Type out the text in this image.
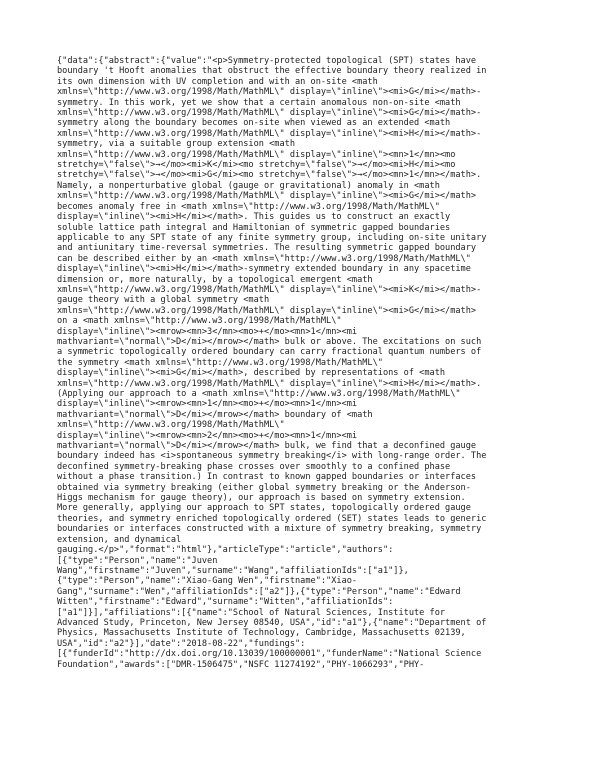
{"data":{"abstract":{"value":"<p>Symmetry-protected topological (SPT) states have
boundary 't Hooft anomalies that obstruct the effective boundary theory realized in
its own dimension with UV completion and with an on-site <math
xmlns=\"http://www.w3.org/1998/Math/MathML\" display=\"inline\"><mi>G</mi></math>-
symmetry. In this work, yet we show that a certain anomalous non-on-site <math
xmlns=\"http://www.w3.org/1998/Math/MathML\" display=\"inline\"><mi>G</mi></math>-
symmetry along the boundary becomes on-site when viewed as an extended <math
xmlns=\"http://www.w3.org/1998/Math/MathML\" display=\"inline\"><mi>H</mi></math>-
symmetry, via a suitable group extension <math
xmlns=\"http://www.w3.org/1998/Math/MathML\" display=\"inline\"><mn>1</mn><mo
stretchy=\"false\">→</mo><mi>K</mi><mo stretchy=\"false\">→</mo><mi>H</mi><mo
stretchy=\"false\">→</mo><mi>G</mi><mo stretchy=\"false\">→</mo><mn>1</mn></math>.
Namely, a nonperturbative global (gauge or gravitational) anomaly in <math
xmlns=\"http://www.w3.org/1998/Math/MathML\" display=\"inline\"><mi>G</mi></math>
becomes anomaly free in <math xmlns=\"http://www.w3.org/1998/Math/MathML\"
display=\"inline\"><mi>H</mi></math>. This guides us to construct an exactly
soluble lattice path integral and Hamiltonian of symmetric gapped boundaries
applicable to any SPT state of any finite symmetry group, including on-site unitary
and antiunitary time-reversal symmetries. The resulting symmetric gapped boundary
can be described either by an <math xmlns=\"http://www.w3.org/1998/Math/MathML\"
display=\"inline\"><mi>H</mi></math>-symmetry extended boundary in any spacetime
dimension or, more naturally, by a topological emergent <math
xmlns=\"http://www.w3.org/1998/Math/MathML\" display=\"inline\"><mi>K</mi></math>-
gauge theory with a global symmetry <math
xmlns=\"http://www.w3.org/1998/Math/MathML\" display=\"inline\"><mi>G</mi></math>
on a <math xmlns=\"http://www.w3.org/1998/Math/MathML\"
display=\"inline\"><mrow><mn>3</mn><mo>+</mo><mn>1</mn><mi
mathvariant=\"normal\">D</mi></mrow></math> bulk or above. The excitations on such
a symmetric topologically ordered boundary can carry fractional quantum numbers of
the symmetry <math xmlns=\"http://www.w3.org/1998/Math/MathML\"
display=\"inline\"><mi>G</mi></math>, described by representations of <math
xmlns=\"http://www.w3.org/1998/Math/MathML\" display=\"inline\"><mi>H</mi></math>.
(Applying our approach to a <math xmlns=\"http://www.w3.org/1998/Math/MathML\"
display=\"inline\"><mrow><mn>1</mn><mo>+</mo><mn>1</mn><mi
mathvariant=\"normal\">D</mi></mrow></math> boundary of <math
xmlns=\"http://www.w3.org/1998/Math/MathML\"
display=\"inline\"><mrow><mn>2</mn><mo>+</mo><mn>1</mn><mi
mathvariant=\"normal\">D</mi></mrow></math> bulk, we find that a deconfined gauge
boundary indeed has <i>spontaneous symmetry breaking</i> with long-range order. The
deconfined symmetry-breaking phase crosses over smoothly to a confined phase
without a phase transition.) In contrast to known gapped boundaries or interfaces
obtained via symmetry breaking (either global symmetry breaking or the Anderson-
Higgs mechanism for gauge theory), our approach is based on symmetry extension.
More generally, applying our approach to SPT states, topologically ordered gauge
theories, and symmetry enriched topologically ordered (SET) states leads to generic
boundaries or interfaces constructed with a mixture of symmetry breaking, symmetry
extension, and dynamical
gauging.</p>","format":"html"},"articleType":"article","authors":
[{"type":"Person","name":"Juven
Wang","firstname":"Juven","surname":"Wang","affiliationIds":["a1"]},
{"type":"Person","name":"Xiao-Gang Wen","firstname":"Xiao-
Gang","surname":"Wen","affiliationIds":["a2"]},{"type":"Person","name":"Edward
Witten","firstname":"Edward","surname":"Witten","affiliationIds":
["a1"]}],"affiliations":[{"name":"School of Natural Sciences, Institute for
Advanced Study, Princeton, New Jersey 08540, USA","id":"a1"},{"name":"Department of
Physics, Massachusetts Institute of Technology, Cambridge, Massachusetts 02139,
USA","id":"a2"}],"date":"2018-08-22","fundings":
[{"funderId":"http://dx.doi.org/10.13039/100000001","funderName":"National Science
Foundation","awards":["DMR-1506475","NSFC 11274192","PHY-1066293","PHY-
